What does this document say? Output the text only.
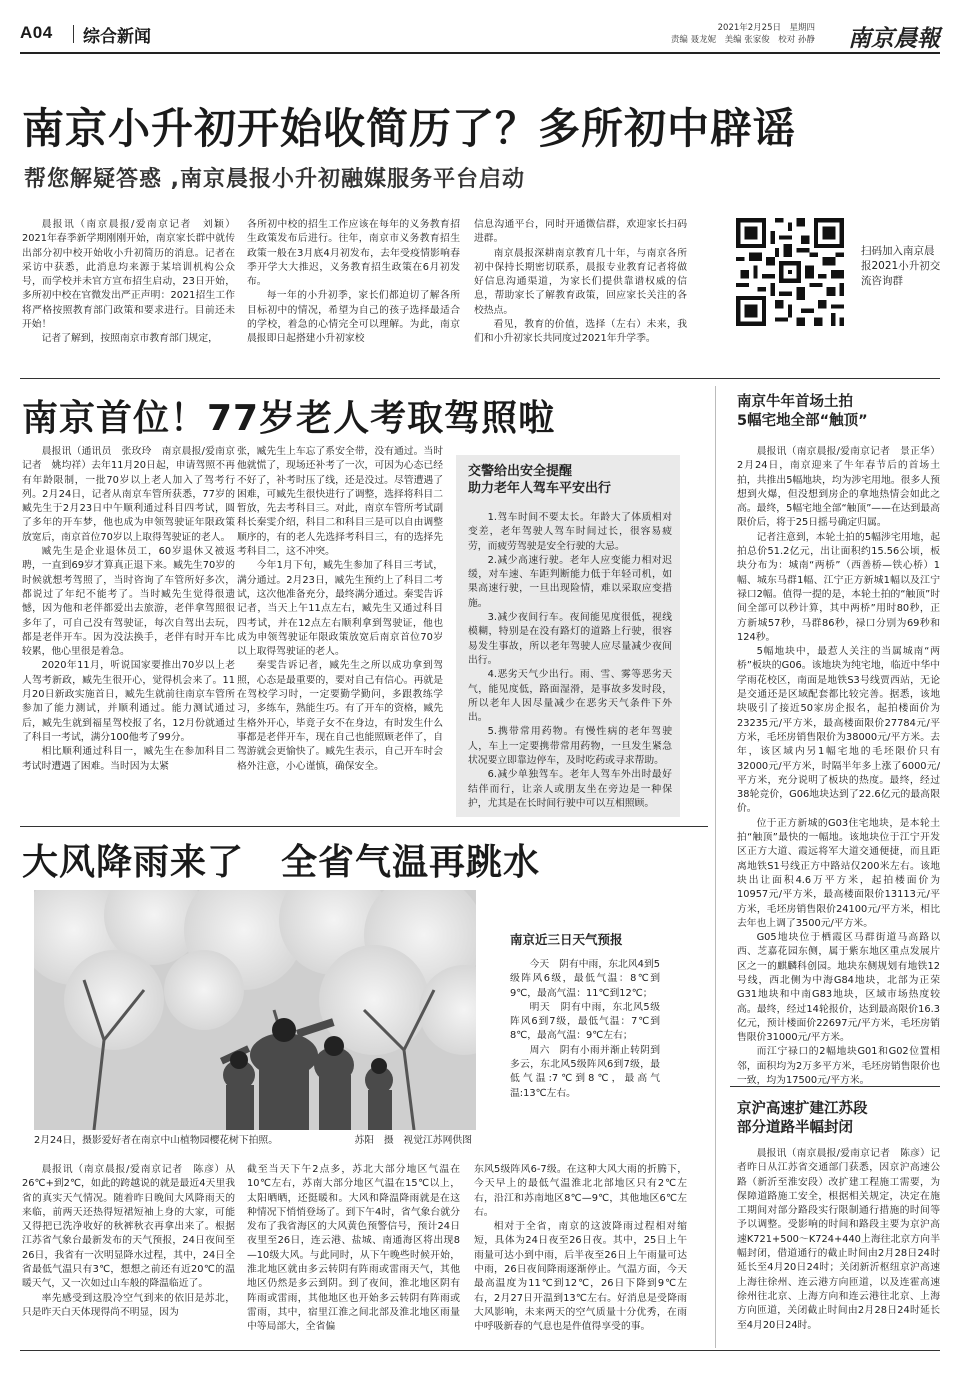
A04 综合新闻	2021年2月25日　星期四
责编 聂龙妮　美编 张家俊　校对 孙静 南京晨報
南京小升初开始收简历了？多所初中辟谣
帮您解疑答惑 ,南京晨报小升初融媒服务平台启动

晨报讯（南京晨报/爱南京记者　刘颖）2021年春季新学期刚刚开始，南京家长群中就传出部分初中校开始收小升初简历的消息。记者在采访中获悉，此消息均来源于某培训机构公众号，而学校并未官方宣布招生启动，23日开始，多所初中校在官微发出严正声明：2021招生工作将严格按照教育部门政策和要求进行。目前还未开始！

记者了解到，按照南京市教育部门规定，

各所初中校的招生工作应该在每年的义务教育招生政策发布后进行。往年，南京市义务教育招生政策一般在3月底4月初发布，去年受疫情影响春季开学大大推迟，义务教育招生政策在6月初发布。

每一年的小升初季，家长们都迫切了解各所目标初中的情况，希望为自己的孩子选择最适合的学校，着急的心情完全可以理解。为此，南京晨报即日起搭建小升初家校

信息沟通平台，同时开通微信群，欢迎家长扫码进群。

南京晨报深耕南京教育几十年，与南京各所初中保持长期密切联系，晨报专业教育记者将做好信息沟通渠道，为家长们提供靠谱权威的信息，帮助家长了解教育政策，回应家长关注的各校热点。

看见，教育的价值，选择（左右）未来，我们和小升初家长共同度过2021年升学季。

扫码加入南京晨报2021小升初交流咨询群
南京首位！77岁老人考取驾照啦

晨报讯（通讯员　张玫玲　南京晨报/爱南京记者　姚均祥）去年11月20日起，申请驾照不再有年龄限制，一批70岁以上老人加入了驾考行列。2月24日，记者从南京车管所获悉，77岁的臧先生于2月23日中午顺利通过科目四考试，圆了多年的开车梦，他也成为申领驾驶证年限政策放宽后，南京首位70岁以上取得驾驶证的老人。

臧先生是企业退休员工，60岁退休又被返聘，一直到69岁才算真正退下来。臧先生70岁的时候就想考驾照了，当时咨询了车管所好多次，都说过了年纪不能考了。当时臧先生觉得很遗憾，因为他和老伴都爱出去旅游，老伴拿驾照很多年了，可自己没有驾驶证，每次自驾出去玩，都是老伴开车。因为没法换手，老伴有时开车比较累，他心里很是着急。

2020年11月，听说国家要推出70岁以上老人驾考新政，臧先生很开心，觉得机会来了。11月20日新政实施首日，臧先生就前往南京车管所参加了能力测试，并顺利通过。能力测试通过后，臧先生就到福星驾校报了名，12月份就通过了科目一考试，满分100他考了99分。

相比顺利通过科目一，臧先生在参加科目二考试时遭遇了困难。当时因为太紧

张，臧先生上车忘了系安全带，没有通过。当时他就慌了，现场还补考了一次，可因为心态已经不好了，补考时压了线，还是没过。尽管遭遇了困难，可臧先生很快进行了调整，选择将科目二暂放，先去考科目三。对此，南京车管所考试副科长秦雯介绍，科目二和科目三是可以自由调整顺序的，有的老人先选择考科目三，有的选择先考科目二，这不冲突。

今年1月下旬，臧先生参加了科目三考试，满分通过。2月23日，臧先生预约上了科目二考试，这次他准备充分，最终满分通过。秦雯告诉记者，当天上午11点左右，臧先生又通过科目四考试，并在12点左右顺利拿到驾驶证，他也成为申领驾驶证年限政策放宽后南京首位70岁以上取得驾驶证的老人。

秦雯告诉记者，臧先生之所以成功拿到驾照，心态是最重要的，要对自己有信心。再就是在驾校学习时，一定要勤学勤问，多跟教练学习，多练车，熟能生巧。有了开车的资格，臧先生格外开心，毕竟子女不在身边，有时发生什么事都是老伴开车，现在自己也能照顾老伴了，自驾游就会更愉快了。臧先生表示，自己开车时会格外注意，小心谨慎，确保安全。

交警给出安全提醒
助力老年人驾车平安出行

1.驾车时间不要太长。年龄大了体质相对变差，老年驾驶人驾车时间过长，很容易疲劳，而疲劳驾驶是安全行驶的大忌。

2.减少高速行驶。老年人应变能力相对迟缓，对车速、车距判断能力低于年轻司机，如果高速行驶，一旦出现险情，难以采取应变措施。

3.减少夜间行车。夜间能见度很低，视线模糊，特别是在没有路灯的道路上行驶，很容易发生事故，所以老年驾驶人应尽量减少夜间出行。

4.恶劣天气少出行。雨、雪、雾等恶劣天气，能见度低，路面湿滑，是事故多发时段，所以老年人因尽量减少在恶劣天气条件下外出。

5.携带常用药物。有慢性病的老年驾驶人，车上一定要携带常用药物，一旦发生紧急状况要立即靠边停车，及时吃药或寻求帮助。

6.减少单独驾车。老年人驾车外出时最好结伴而行，让亲人或朋友坐在旁边是一种保护，尤其是在长时间行驶中可以互相照顾。

大风降雨来了　全省气温再跳水
2月24日，摄影爱好者在南京中山植物园樱花树下拍照。	苏阳　摄　视觉江苏网供图
南京近三日天气预报

今天　阴有中雨，东北风4到5级阵风6级，最低气温：8℃到9℃，最高气温：11℃到12℃；

明天　阴有中雨，东北风5级阵风6到7级，最低气温：7℃到8℃，最高气温：9℃左右；

周六　阴有小雨并渐止转阴到多云，东北风5级阵风6到7级，最低气温:7℃到8℃，最高气温:13℃左右。

晨报讯（南京晨报/爱南京记者　陈彦）从26℃+到2℃，如此的跨越说的就是最近4天里我省的真实天气情况。随着昨日晚间大风降雨天的来临，前两天还热得短裙短袖上身的大家，可能又得把已洗净收好的秋裤秋衣再拿出来了。根据江苏省气象台最新发布的天气预报，24日夜间至26日，我省有一次明显降水过程，其中，24日全省最低气温只有3℃，想想之前还有近20℃的温暖天气，又一次如过山车般的降温临近了。

率先感受到这股冷空气到来的依旧是苏北，只是昨天白天体现得尚不明显，因为

截至当天下午2点多，苏北大部分地区气温在10℃左右，苏南大部分地区气温在15℃以上，太阳晒晒，还挺暖和。大风和降温降雨就是在这种情况下悄悄登场了。到下午4时，省气象台就分发布了我省海区的大风黄色预警信号，预计24日夜里至26日，连云港、盐城、南通海区将出现8—10级大风。与此同时，从下午晚些时候开始，淮北地区就由多云转阴有阵雨或雷雨天气，其他地区仍然是多云到阴。到了夜间，淮北地区阴有阵雨或雷雨，其他地区也开始多云转阴有阵雨或雷雨，其中，宿里江淮之间北部及淮北地区雨量中等局部大，全省偏

东风5级阵风6-7级。在这种大风大雨的折腾下，今天早上的最低气温淮北北部地区只有2℃左右，沿江和苏南地区8℃—9℃，其他地区6℃左右。

相对于全省，南京的这波降雨过程相对缩短，具体为24日夜至26日夜。其中，25日上午雨量可达小到中雨，后半夜至26日上午雨量可达中雨，26日夜间降雨逐渐停止。气温方面，今天最高温度为11℃到12℃，26日下降到9℃左右，2月27日开温到13℃左右。好消息是受降雨大风影响，未来两天的空气质量十分优秀，在雨中呼吸新春的气息也是件值得享受的事。

南京牛年首场土拍
5幅宅地全部“触顶”

晨报讯（南京晨报/爱南京记者　景正华）2月24日，南京迎来了牛年春节后的首场土拍，共推出5幅地块，均为涉宅用地。很多人预想到火爆，但没想到房企的拿地热情会如此之高。最终，5幅宅地全部“触顶”——在达到最高限价后，将于25日摇号确定归属。

记者注意到，本轮土拍的5幅涉宅用地，起拍总价51.2亿元，出让面积约15.56公顷，板块分布为：城南“两桥”（西善桥—铁心桥）1幅、城东马群1幅、江宁正方新城1幅以及江宁禄口2幅。值得一提的是，本轮土拍的“触顶”时间全部可以秒计算，其中两桥”用时80秒，正方新城57秒，马群86秒，禄口分别为69秒和124秒。

5幅地块中，最惹人关注的当属城南“两桥”板块的G06。该地块为纯宅地，临近中华中学雨花校区，南面是地铁S3号线贾西站，无论是交通还是区域配套都比较完善。据悉，该地块吸引了接近50家房企报名，起拍楼面价为23235元/平方米，最高楼面限价27784元/平方米，毛坯房销售限价为38000元/平方米。去年，该区域内另1幅宅地的毛坯限价只有32000元/平方米，时隔半年多上涨了6000元/平方米，充分说明了板块的热度。最终，经过38轮竞价，G06地块达到了22.6亿元的最高限价。

位于正方新城的G03住宅地块，是本轮土拍“触顶”最快的一幅地。该地块位于江宁开发区正方大道、霞远将军大道交通便捷，而且距离地铁S1号线正方中路站仅200米左右。该地块出让面积4.6万平方米，起拍楼面价为10957元/平方米，最高楼面限价13113元/平方米，毛坯房销售限价24100元/平方米，相比去年也上调了3500元/平方米。

G05地块位于栖霞区马群街道马高路以西、芝嘉花园东侧，属于紫东地区重点发展片区之一的麒麟科创园。地块东侧规划有地铁12号线，西北侧为中海G84地块，北部为正荣G31地块和中南G83地块，区域市场热度较高。最终，经过14轮报价，达到最高限价16.3亿元，预计楼面价22697元/平方米，毛坯房销售限价31000元/平方米。

而江宁禄口的2幅地块G01和G02位置相邻，面积均为2万多平方米，毛坯房销售限价也一致，均为17500元/平方米。

京沪高速扩建江苏段
部分道路半幅封闭

晨报讯（南京晨报/爱南京记者　陈彦）记者昨日从江苏省交通部门获悉，因京沪高速公路（新沂至淮安段）改扩建工程施工需要，为保障道路施工安全，根据相关规定，决定在施工期间对部分路段实行限制通行措施的时间等予以调整。受影响的时间和路段主要为京沪高速K721+500～K724+440上海往北京方向半幅封闭，借道通行的截止时间由2月28日24时延长至4月20日24时；关闭新沂枢纽京沪高速上海往徐州、连云港方向匝道，以及连霍高速徐州往北京、上海方向和连云港往北京、上海方向匝道，关闭截止时间由2月28日24时延长至4月20日24时。
